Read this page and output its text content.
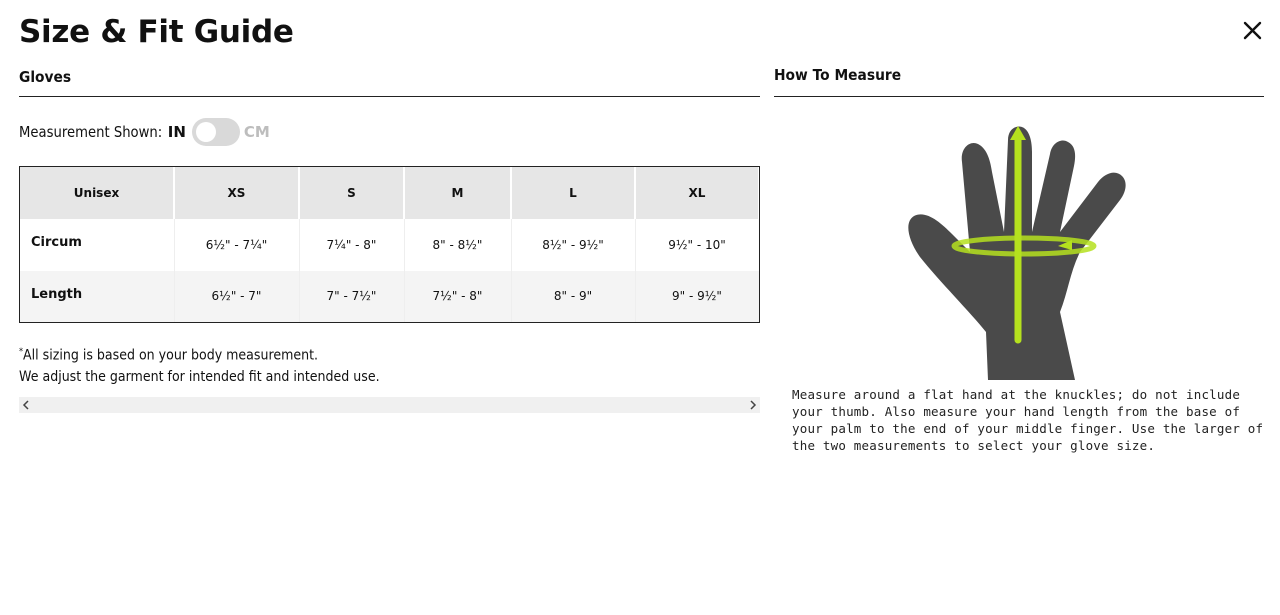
Size & Fit Guide
Gloves
Measurement Shown: IN	CM
Unisex	XS	S	M	L	XL
Circum	6½" - 7¼"	7¼" - 8"	8" - 8½"	8½" - 9½"	9½" - 10"
Length	6½" - 7"	7" - 7½"	7½" - 8"	8" - 9"	9" - 9½"
*All sizing is based on your body measurement.
We adjust the garment for intended fit and intended use.
How To Measure
Measure around a flat hand at the knuckles; do not include your thumb. Also measure your hand length from the base of your palm to the end of your middle finger. Use the larger of the two measurements to select your glove size.
